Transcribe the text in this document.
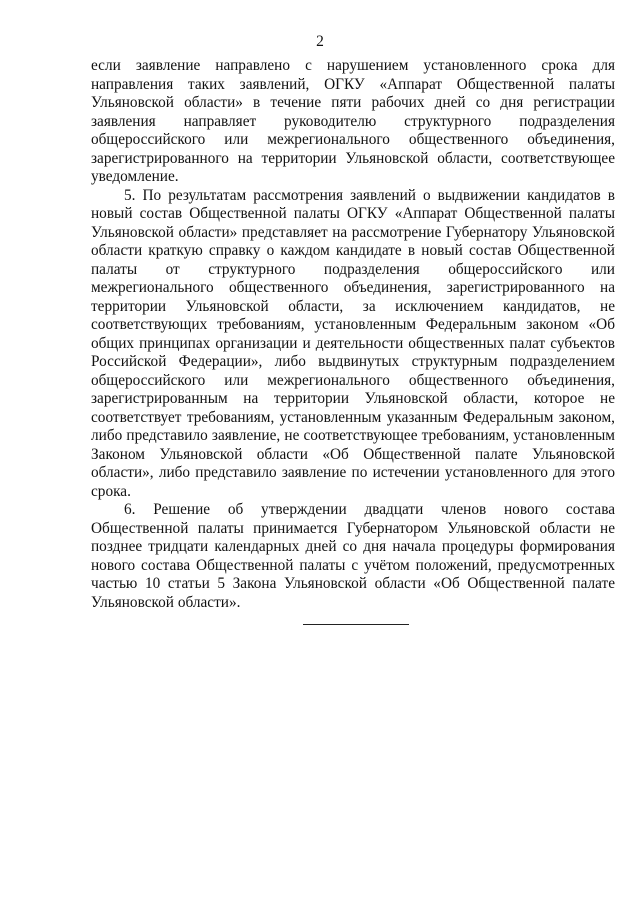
2

если заявление направлено с нарушением установленного срока для направления таких заявлений, ОГКУ «Аппарат Общественной палаты Ульяновской области» в течение пяти рабочих дней со дня регистрации заявления направляет руководителю структурного подразделения общероссийского или межрегионального общественного объединения, зарегистрированного на территории Ульяновской области, соответствующее уведомление.

5. По результатам рассмотрения заявлений о выдвижении кандидатов в новый состав Общественной палаты ОГКУ «Аппарат Общественной палаты Ульяновской области» представляет на рассмотрение Губернатору Ульяновской области краткую справку о каждом кандидате в новый состав Общественной палаты от структурного подразделения общероссийского или межрегионального общественного объединения, зарегистрированного на территории Ульяновской области, за исключением кандидатов, не соответствующих требованиям, установленным Федеральным законом «Об общих принципах организации и деятельности общественных палат субъектов Российской Федерации», либо выдвинутых структурным подразделением общероссийского или межрегионального общественного объединения, зарегистрированным на территории Ульяновской области, которое не соответствует требованиям, установленным указанным Федеральным законом, либо представило заявление, не соответствующее требованиям, установленным Законом Ульяновской области «Об Общественной палате Ульяновской области», либо представило заявление по истечении установленного для этого срока.

6. Решение об утверждении двадцати членов нового состава Общественной палаты принимается Губернатором Ульяновской области не позднее тридцати календарных дней со дня начала процедуры формирования нового состава Общественной палаты с учётом положений, предусмотренных частью 10 статьи 5 Закона Ульяновской области «Об Общественной палате Ульяновской области».
